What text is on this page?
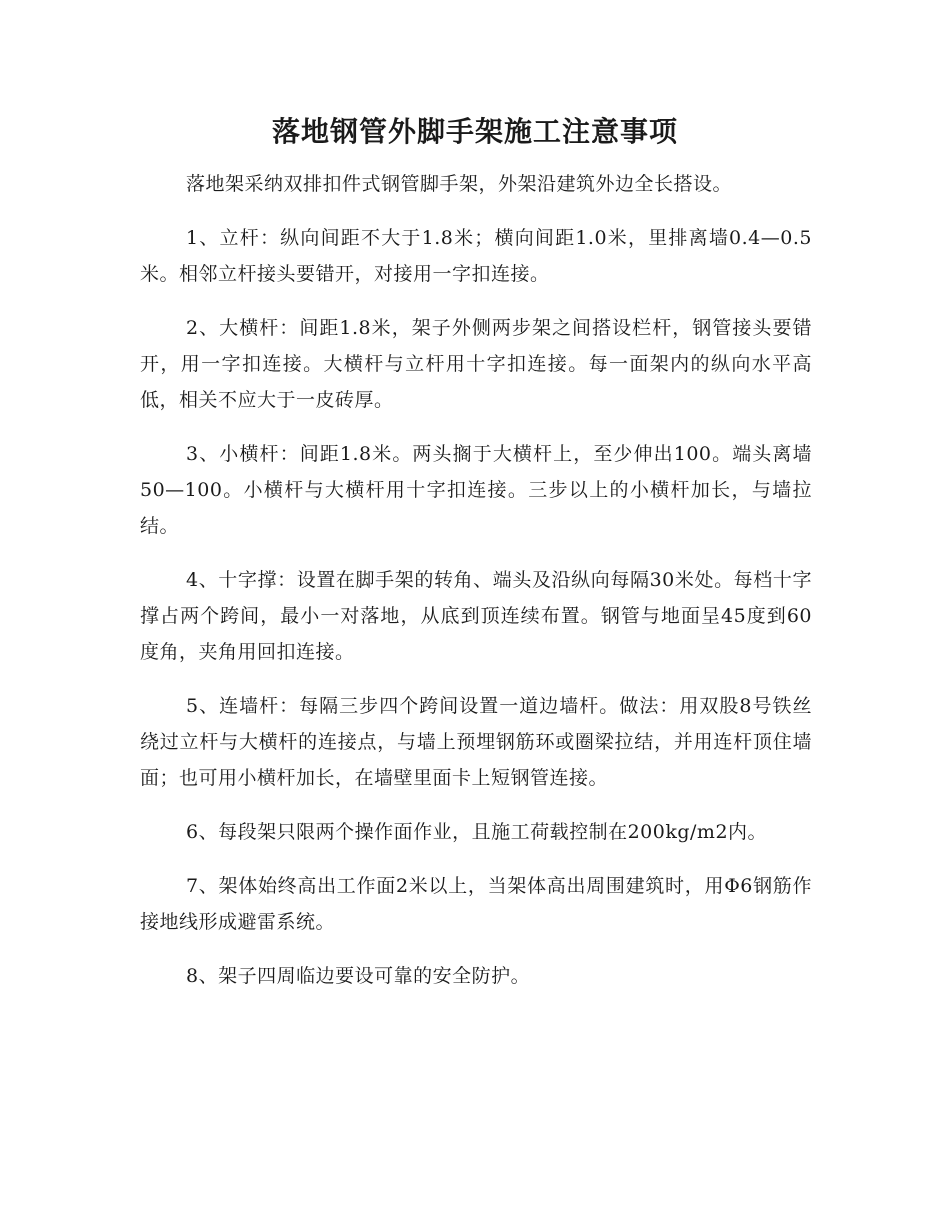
落地钢管外脚手架施工注意事项

落地架采纳双排扣件式钢管脚手架，外架沿建筑外边全长搭设。

1、立杆：纵向间距不大于1.8米；横向间距1.0米，里排离墙0.4—0.5米。相邻立杆接头要错开，对接用一字扣连接。

2、大横杆：间距1.8米，架子外侧两步架之间搭设栏杆，钢管接头要错开，用一字扣连接。大横杆与立杆用十字扣连接。每一面架内的纵向水平高低，相关不应大于一皮砖厚。

3、小横杆：间距1.8米。两头搁于大横杆上，至少伸出100。端头离墙50—100。小横杆与大横杆用十字扣连接。三步以上的小横杆加长，与墙拉结。

4、十字撑：设置在脚手架的转角、端头及沿纵向每隔30米处。每档十字撑占两个跨间，最小一对落地，从底到顶连续布置。钢管与地面呈45度到60度角，夹角用回扣连接。

5、连墙杆：每隔三步四个跨间设置一道边墙杆。做法：用双股8号铁丝绕过立杆与大横杆的连接点，与墙上预埋钢筋环或圈梁拉结，并用连杆顶住墙面；也可用小横杆加长，在墙壁里面卡上短钢管连接。

6、每段架只限两个操作面作业，且施工荷载控制在200kg/m2内。

7、架体始终高出工作面2米以上，当架体高出周围建筑时，用Φ6钢筋作接地线形成避雷系统。

8、架子四周临边要设可靠的安全防护。
